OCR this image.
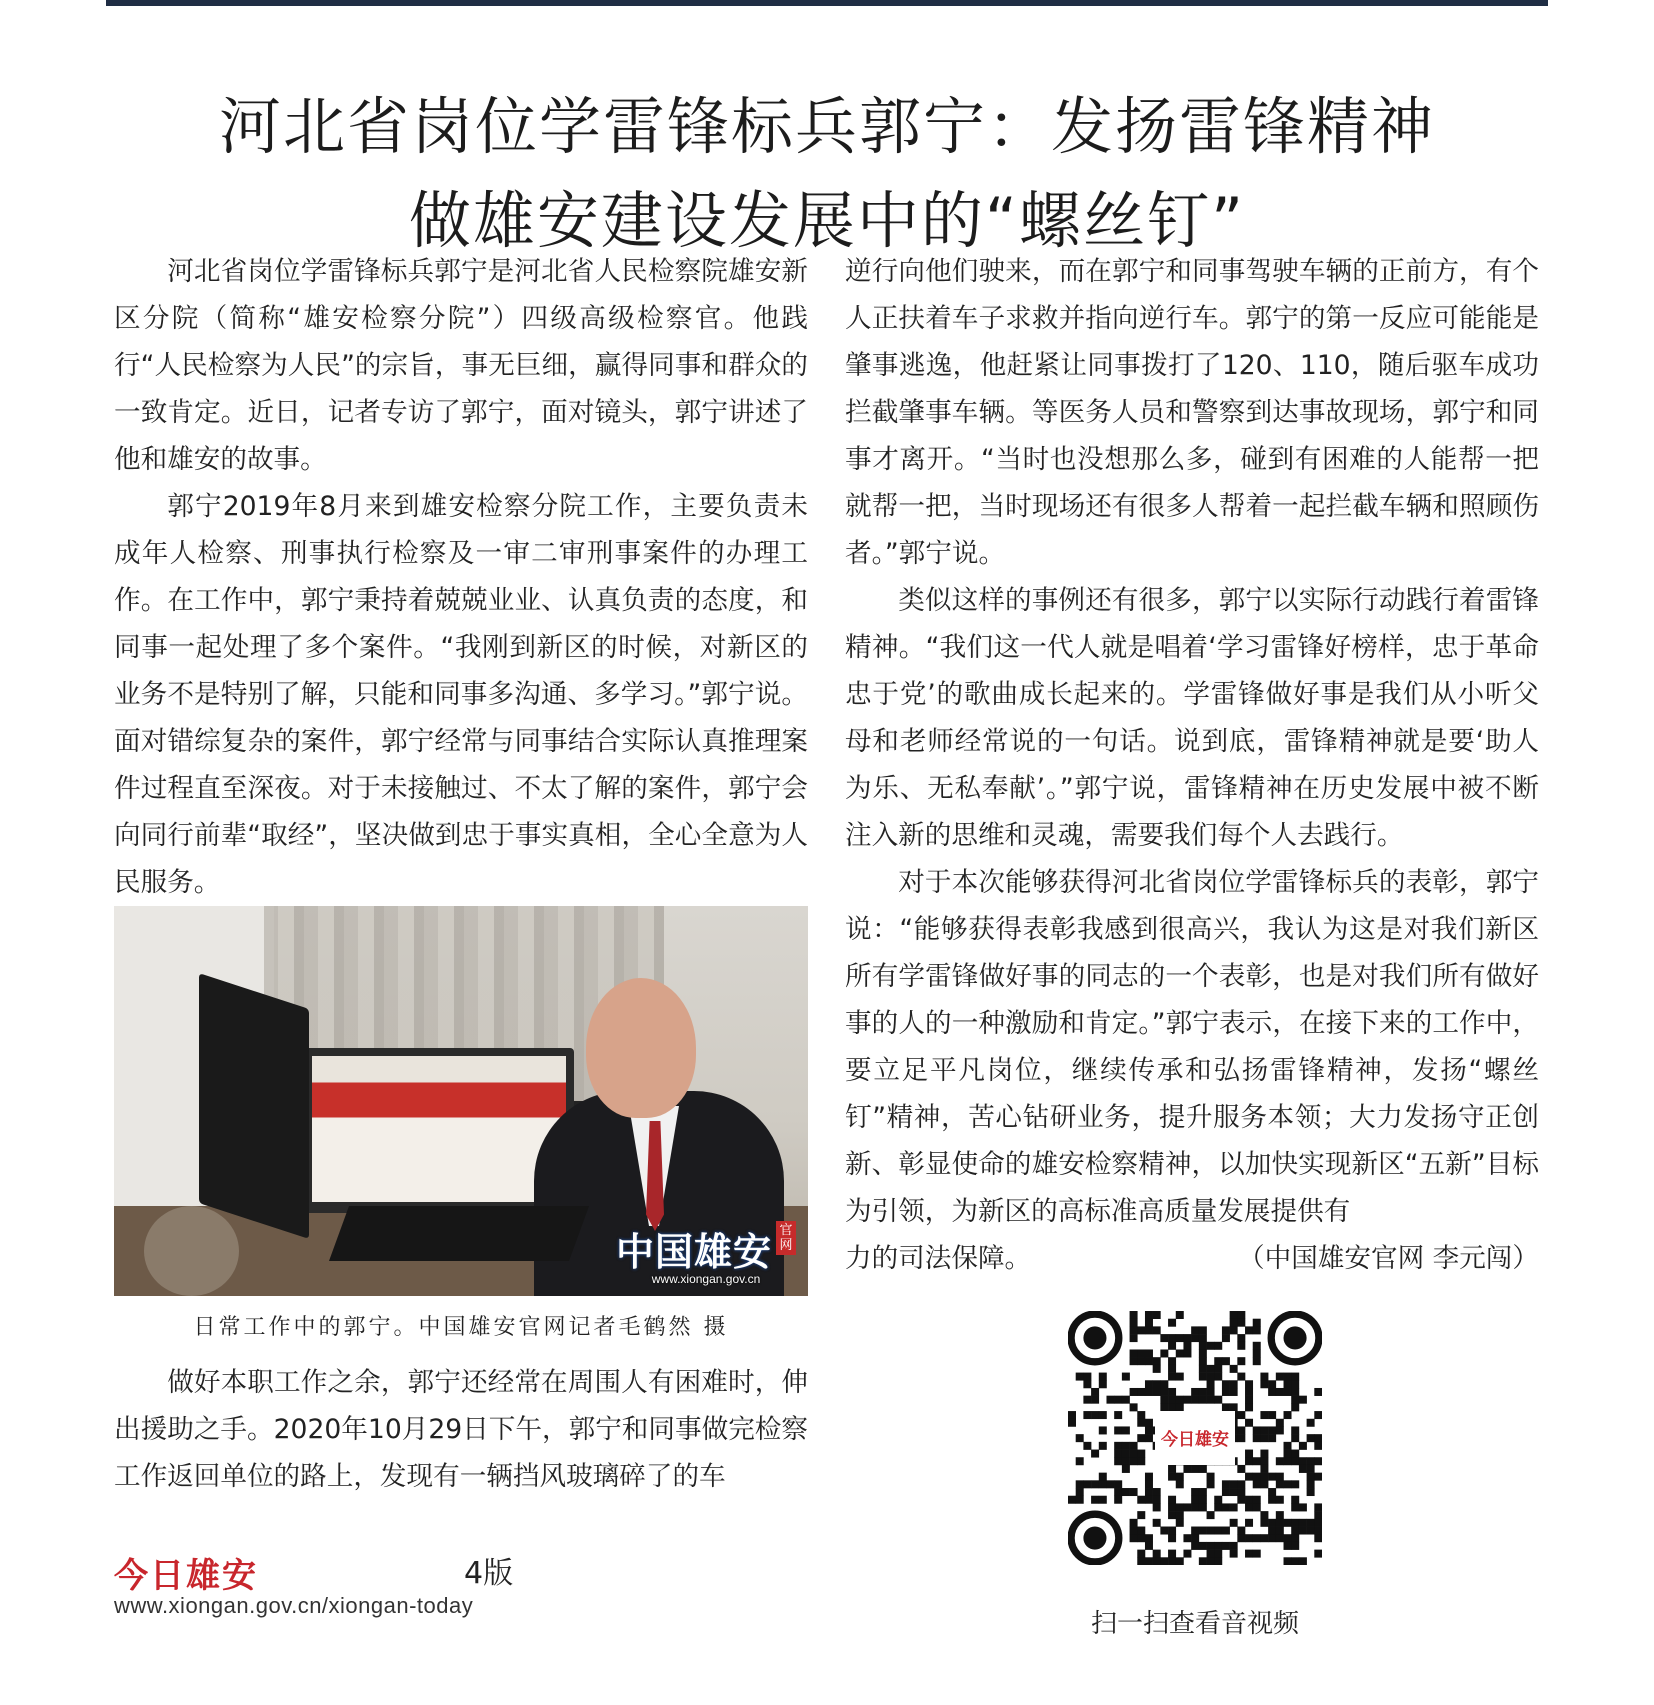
河北省岗位学雷锋标兵郭宁：发扬雷锋精神
做雄安建设发展中的“螺丝钉”

河北省岗位学雷锋标兵郭宁是河北省人民检察院雄安新区分院（简称“雄安检察分院”）四级高级检察官。他践行“人民检察为人民”的宗旨，事无巨细，赢得同事和群众的一致肯定。近日，记者专访了郭宁，面对镜头，郭宁讲述了他和雄安的故事。

郭宁2019年8月来到雄安检察分院工作，主要负责未成年人检察、刑事执行检察及一审二审刑事案件的办理工作。在工作中，郭宁秉持着兢兢业业、认真负责的态度，和同事一起处理了多个案件。“我刚到新区的时候，对新区的业务不是特别了解，只能和同事多沟通、多学习。”郭宁说。面对错综复杂的案件，郭宁经常与同事结合实际认真推理案件过程直至深夜。对于未接触过、不太了解的案件，郭宁会向同行前辈“取经”，坚决做到忠于事实真相，全心全意为人民服务。

中国雄安 官网
www.xiongan.gov.cn
日常工作中的郭宁。中国雄安官网记者毛鹤然 摄

做好本职工作之余，郭宁还经常在周围人有困难时，伸出援助之手。2020年10月29日下午，郭宁和同事做完检察工作返回单位的路上，发现有一辆挡风玻璃碎了的车

逆行向他们驶来，而在郭宁和同事驾驶车辆的正前方，有个人正扶着车子求救并指向逆行车。郭宁的第一反应可能能是肇事逃逸，他赶紧让同事拨打了120、110，随后驱车成功拦截肇事车辆。等医务人员和警察到达事故现场，郭宁和同事才离开。“当时也没想那么多，碰到有困难的人能帮一把就帮一把，当时现场还有很多人帮着一起拦截车辆和照顾伤者。”郭宁说。

类似这样的事例还有很多，郭宁以实际行动践行着雷锋精神。“我们这一代人就是唱着‘学习雷锋好榜样，忠于革命忠于党’的歌曲成长起来的。学雷锋做好事是我们从小听父母和老师经常说的一句话。说到底，雷锋精神就是要‘助人为乐、无私奉献’。”郭宁说，雷锋精神在历史发展中被不断注入新的思维和灵魂，需要我们每个人去践行。

对于本次能够获得河北省岗位学雷锋标兵的表彰，郭宁说：“能够获得表彰我感到很高兴，我认为这是对我们新区所有学雷锋做好事的同志的一个表彰，也是对我们所有做好事的人的一种激励和肯定。”郭宁表示，在接下来的工作中，要立足平凡岗位，继续传承和弘扬雷锋精神，发扬“螺丝钉”精神，苦心钻研业务，提升服务本领；大力发扬守正创新、彰显使命的雄安检察精神，以加快实现新区“五新”目标为引领，为新区的高标准高质量发展提供有

力的司法保障。	（中国雄安官网 李元闯）
今日雄安	4版
www.xiongan.gov.cn/xiongan-today
今日雄安
扫一扫查看音视频
